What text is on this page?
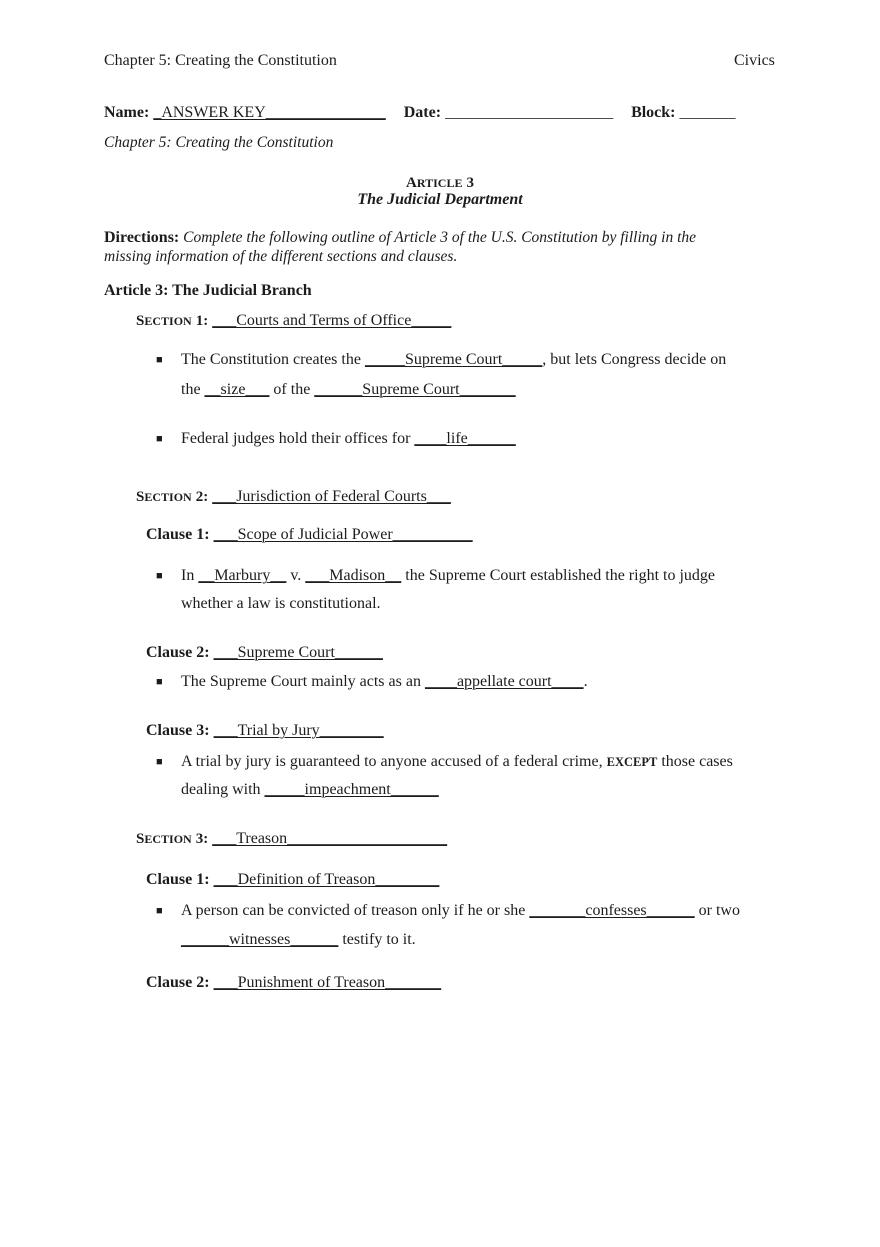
Chapter 5: Creating the Constitution	Civics
Name: _ANSWER KEY_______________ Date: _____________________ Block: _______
Chapter 5: Creating the Constitution
ARTICLE 3
The Judicial Department
Directions: Complete the following outline of Article 3 of the U.S. Constitution by filling in the missing information of the different sections and clauses.
Article 3: The Judicial Branch
SECTION 1: ___Courts and Terms of Office_____
■ The Constitution creates the _____Supreme Court_____, but lets Congress decide on
the __size___ of the ______Supreme Court_______
■ Federal judges hold their offices for ____life______
SECTION 2: ___Jurisdiction of Federal Courts___
Clause 1: ___Scope of Judicial Power__________
■ In __Marbury__ v. ___Madison__ the Supreme Court established the right to judge
whether a law is constitutional.
Clause 2: ___Supreme Court______
■ The Supreme Court mainly acts as an ____appellate court____.
Clause 3: ___Trial by Jury________
■ A trial by jury is guaranteed to anyone accused of a federal crime, EXCEPT those cases
dealing with _____impeachment______
SECTION 3: ___Treason____________________
Clause 1: ___Definition of Treason________
■ A person can be convicted of treason only if he or she _______confesses______ or two
______witnesses______ testify to it.
Clause 2: ___Punishment of Treason_______
